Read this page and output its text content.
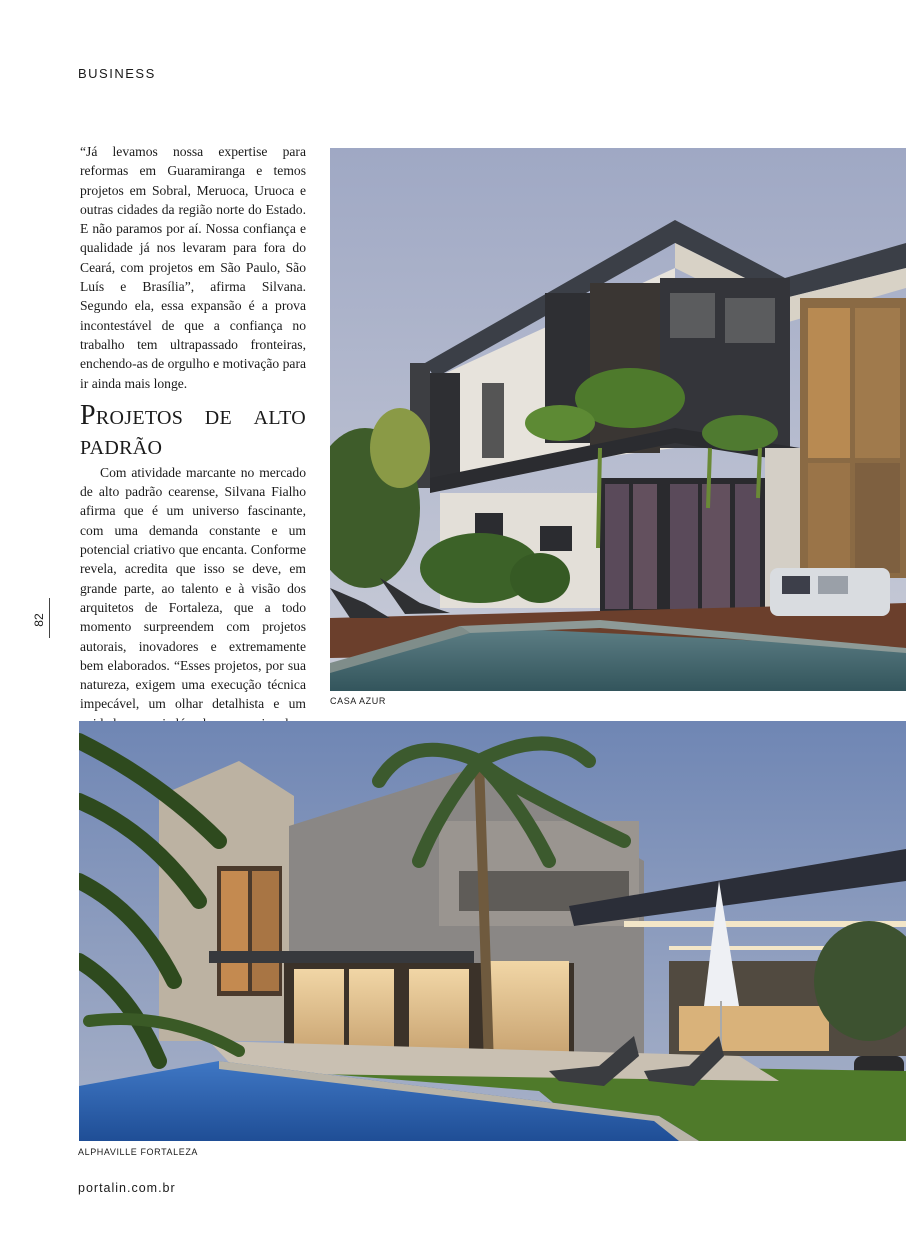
BUSINESS

“Já levamos nossa expertise para reformas em Guaramiranga e temos projetos em Sobral, Meruoca, Uruoca e outras cidades da região norte do Estado. E não paramos por aí. Nossa confiança e qualidade já nos levaram para fora do Ceará, com projetos em São Paulo, São Luís e Brasília”, afirma Silvana. Segundo ela, essa expansão é a prova incontestável de que a confiança no trabalho tem ultrapassado fronteiras, enchendo-as de orgulho e motivação para ir ainda mais longe.

Projetos de alto padrão

Com atividade marcante no mercado de alto padrão cearense, Silvana Fialho afirma que é um universo fascinante, com uma demanda constante e um potencial criativo que encanta. Conforme revela, acredita que isso se deve, em grande parte, ao talento e à visão dos arquitetos de Fortaleza, que a todo momento surpreendem com projetos autorais, inovadores e extremamente bem elaborados. “Esses projetos, por sua natureza, exigem uma execução técnica impecável, um olhar detalhista e um

82
CASA AZUR
ALPHAVILLE FORTALEZA
portalin.com.br
